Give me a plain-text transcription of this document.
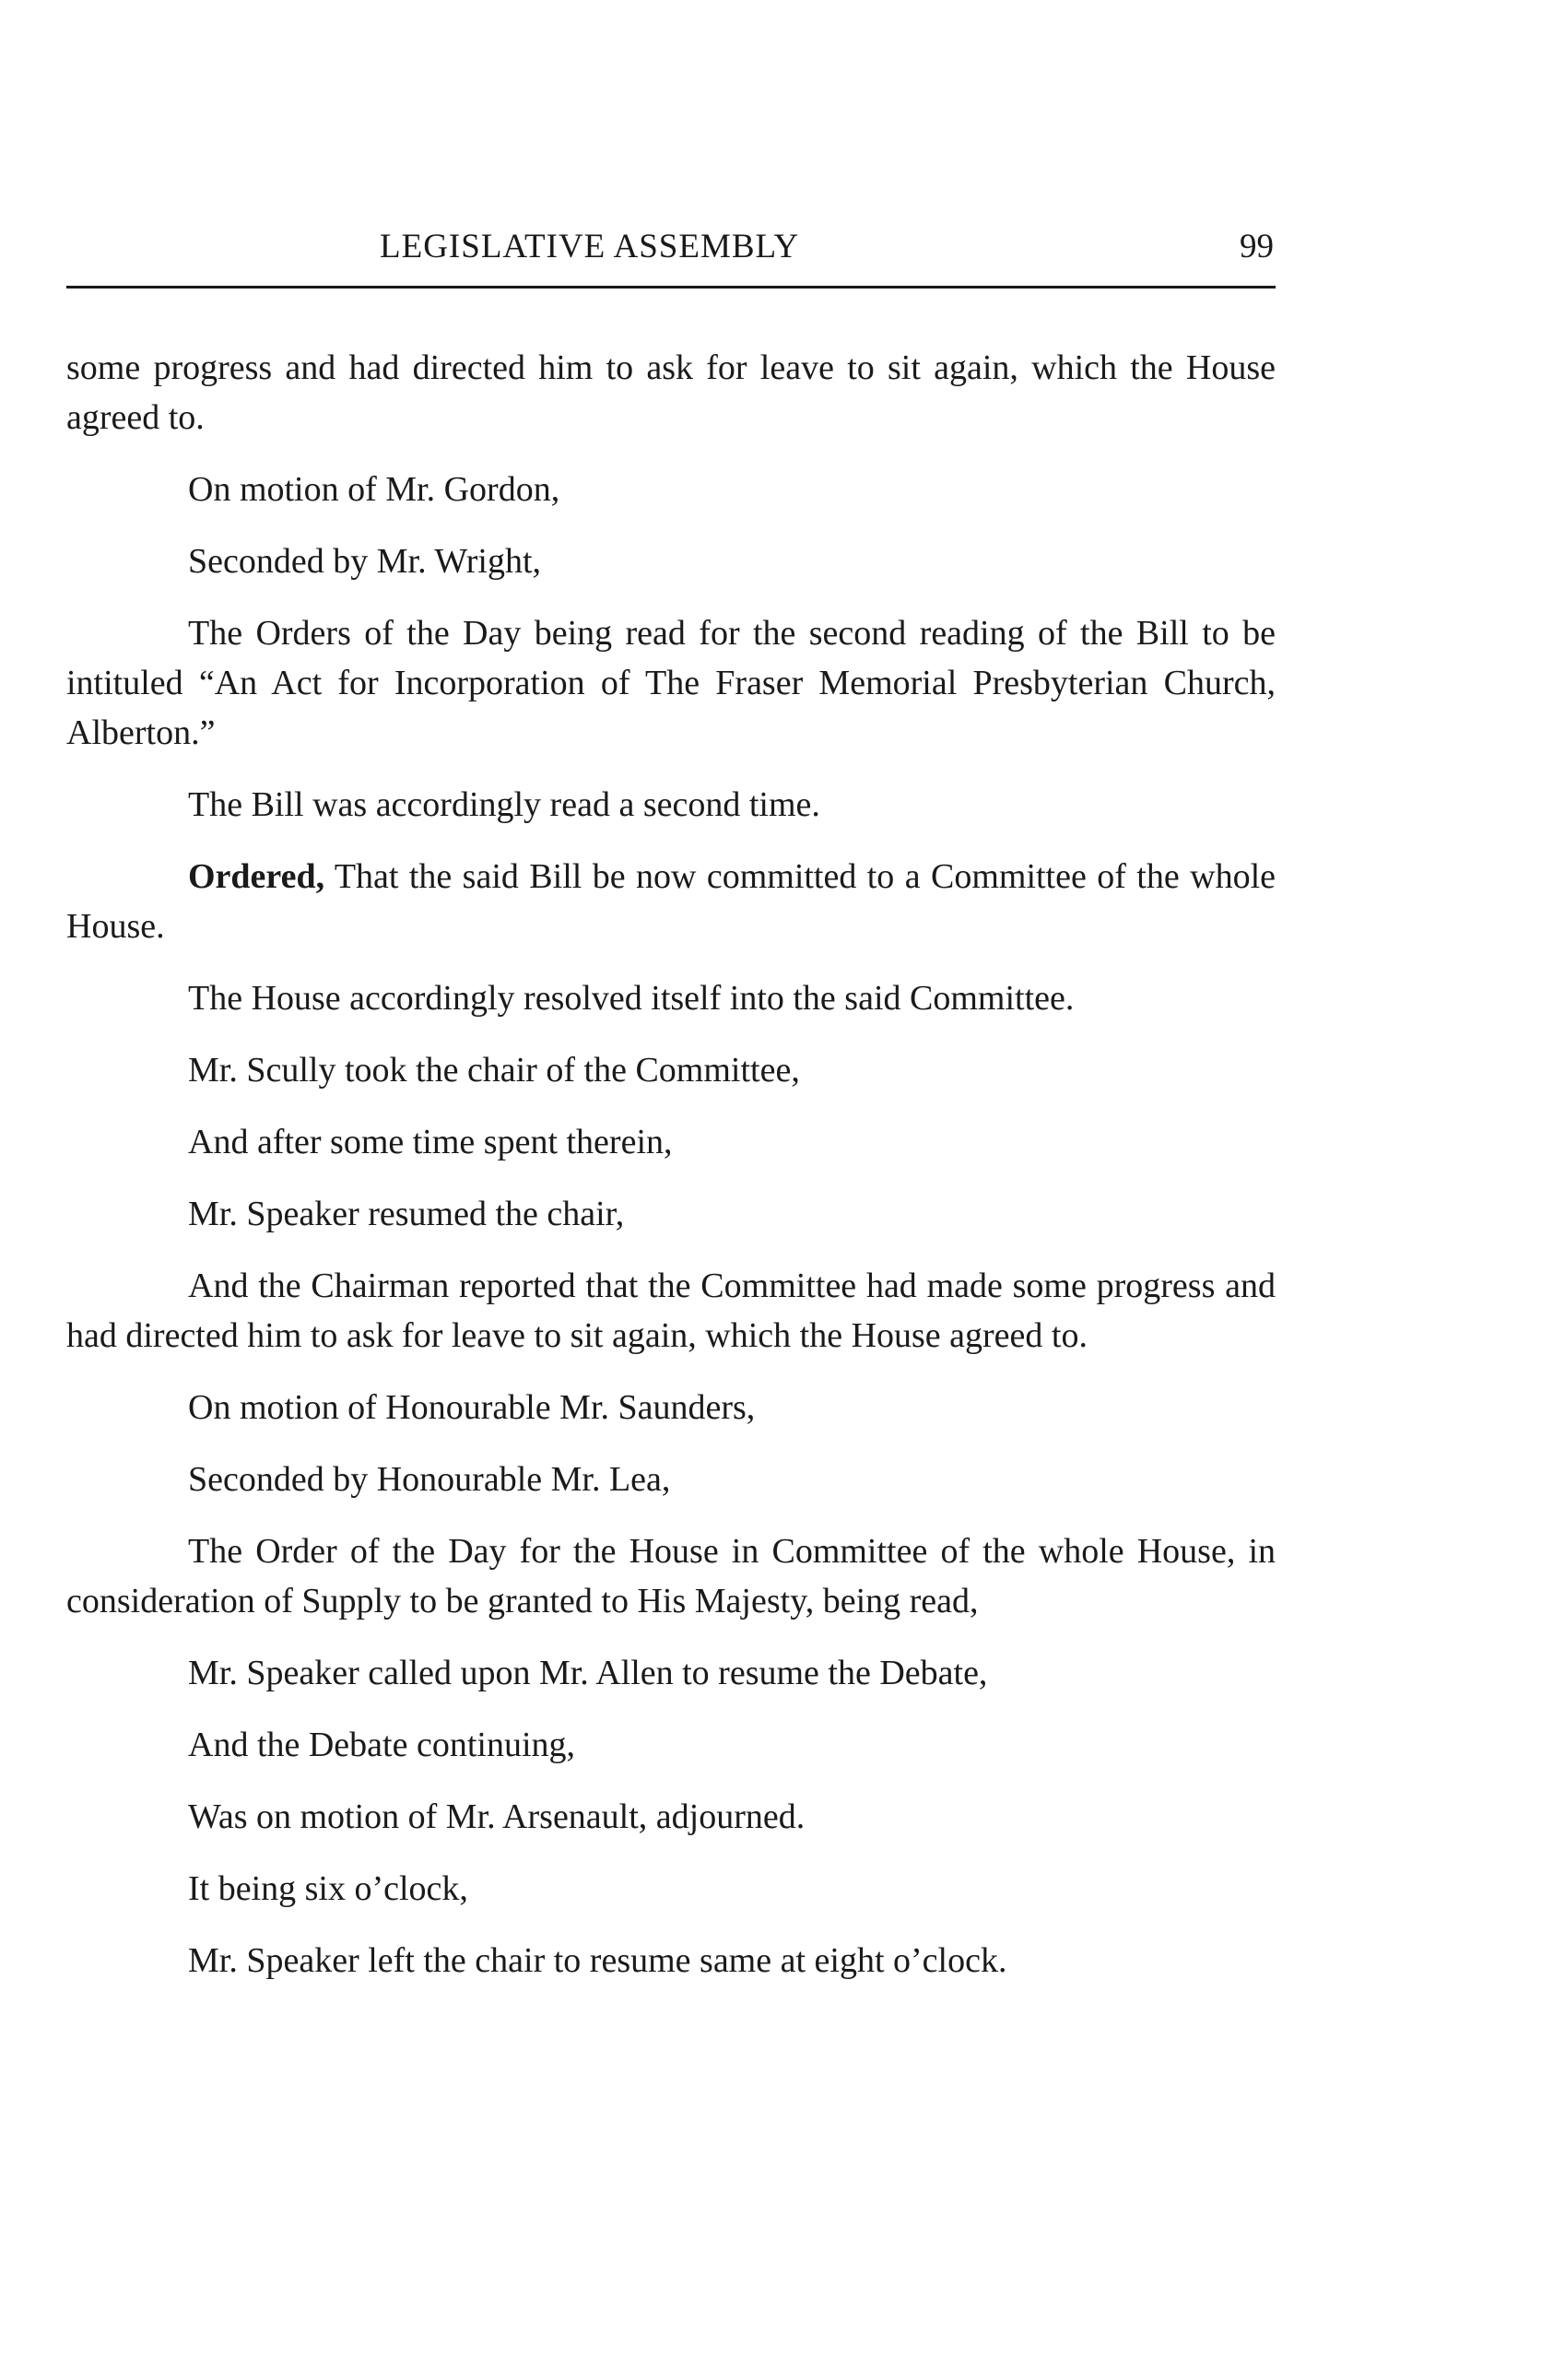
LEGISLATIVE ASSEMBLY	99

some progress and had directed him to ask for leave to sit again, which the House agreed to.

On motion of Mr. Gordon,

Seconded by Mr. Wright,

The Orders of the Day being read for the second reading of the Bill to be intituled “An Act for Incorporation of The Fraser Memorial Presbyterian Church, Alberton.”

The Bill was accordingly read a second time.

Ordered, That the said Bill be now committed to a Committee of the whole House.

The House accordingly resolved itself into the said Committee.

Mr. Scully took the chair of the Committee,

And after some time spent therein,

Mr. Speaker resumed the chair,

And the Chairman reported that the Committee had made some progress and had directed him to ask for leave to sit again, which the House agreed to.

On motion of Honourable Mr. Saunders,

Seconded by Honourable Mr. Lea,

The Order of the Day for the House in Committee of the whole House, in consideration of Supply to be granted to His Majesty, being read,

Mr. Speaker called upon Mr. Allen to resume the Debate,

And the Debate continuing,

Was on motion of Mr. Arsenault, adjourned.

It being six o’clock,

Mr. Speaker left the chair to resume same at eight o’clock.
